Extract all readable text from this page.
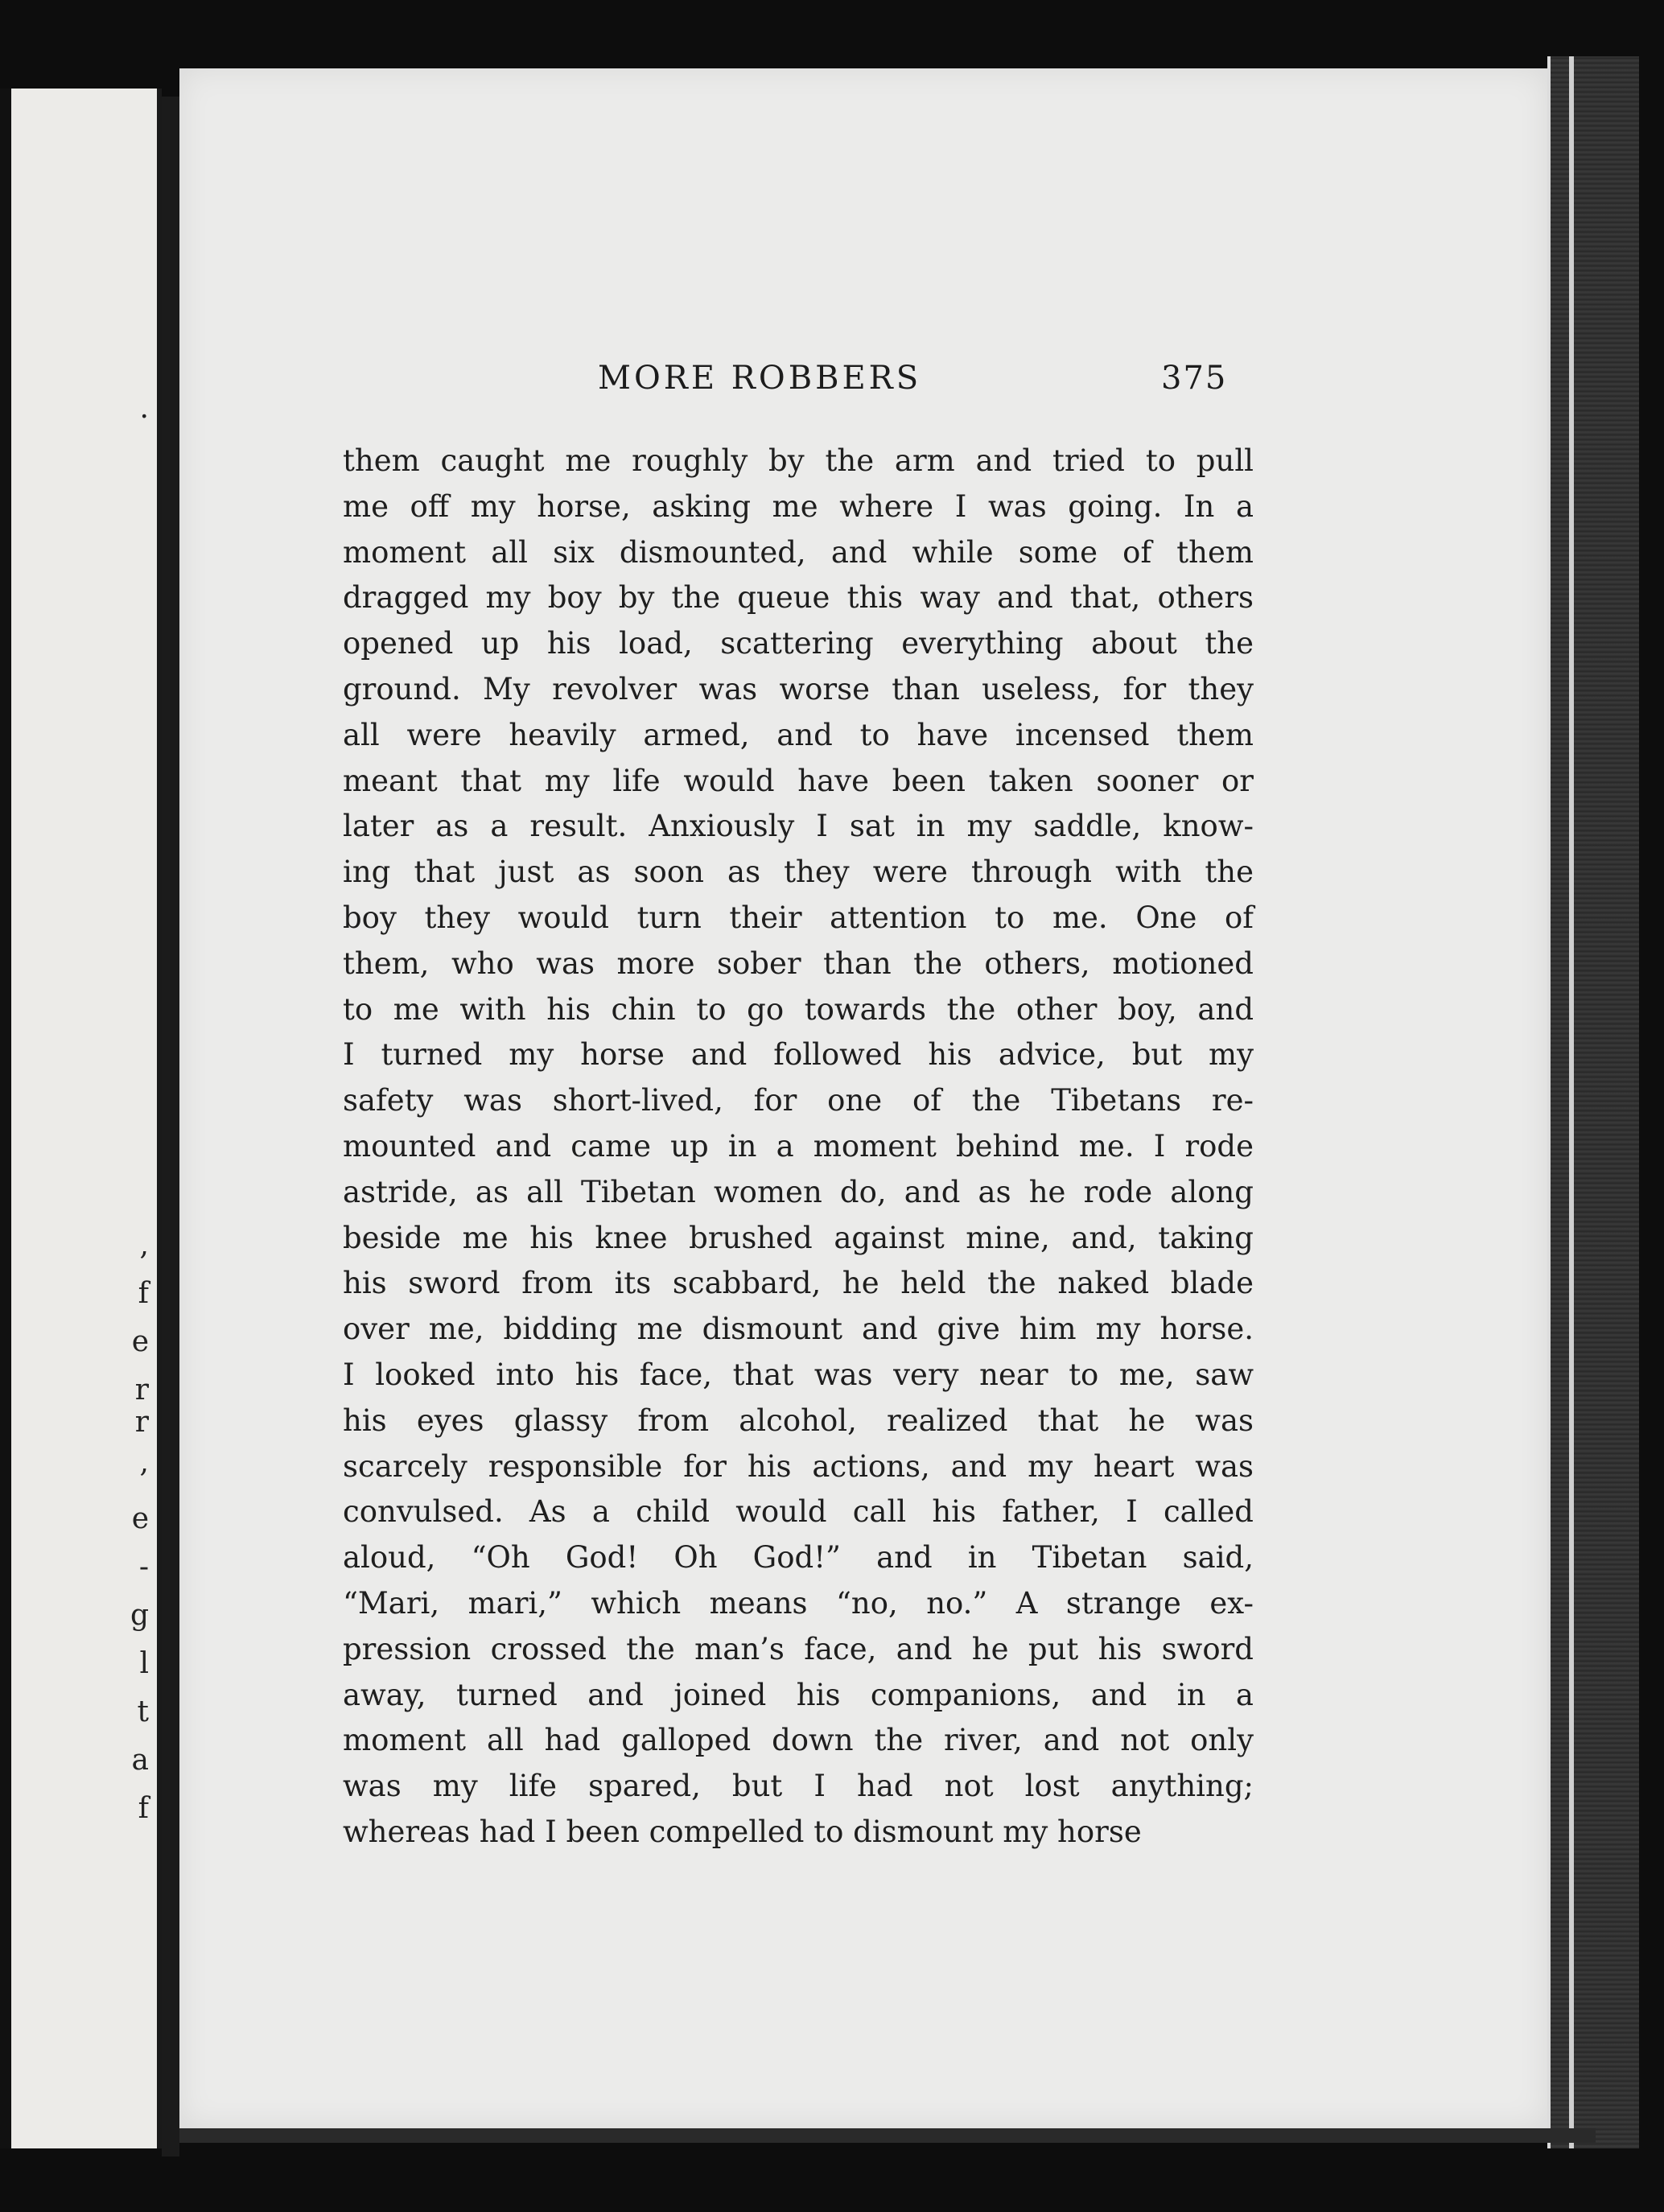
.
,
f
e
r
r
,
e
-
g
l
t
a
f
MORE ROBBERS	375
them caught me roughly by the arm and tried to pull
me off my horse, asking me where I was going. In a
moment all six dismounted, and while some of them
dragged my boy by the queue this way and that, others
opened up his load, scattering everything about the
ground. My revolver was worse than useless, for they
all were heavily armed, and to have incensed them
meant that my life would have been taken sooner or
later as a result. Anxiously I sat in my saddle, know-
ing that just as soon as they were through with the
boy they would turn their attention to me. One of
them, who was more sober than the others, motioned
to me with his chin to go towards the other boy, and
I turned my horse and followed his advice, but my
safety was short-lived, for one of the Tibetans re-
mounted and came up in a moment behind me. I rode
astride, as all Tibetan women do, and as he rode along
beside me his knee brushed against mine, and, taking
his sword from its scabbard, he held the naked blade
over me, bidding me dismount and give him my horse.
I looked into his face, that was very near to me, saw
his eyes glassy from alcohol, realized that he was
scarcely responsible for his actions, and my heart was
convulsed. As a child would call his father, I called
aloud, “Oh God! Oh God!” and in Tibetan said,
“Mari, mari,” which means “no, no.” A strange ex-
pression crossed the man’s face, and he put his sword
away, turned and joined his companions, and in a
moment all had galloped down the river, and not only
was my life spared, but I had not lost anything;
whereas had I been compelled to dismount my horse
